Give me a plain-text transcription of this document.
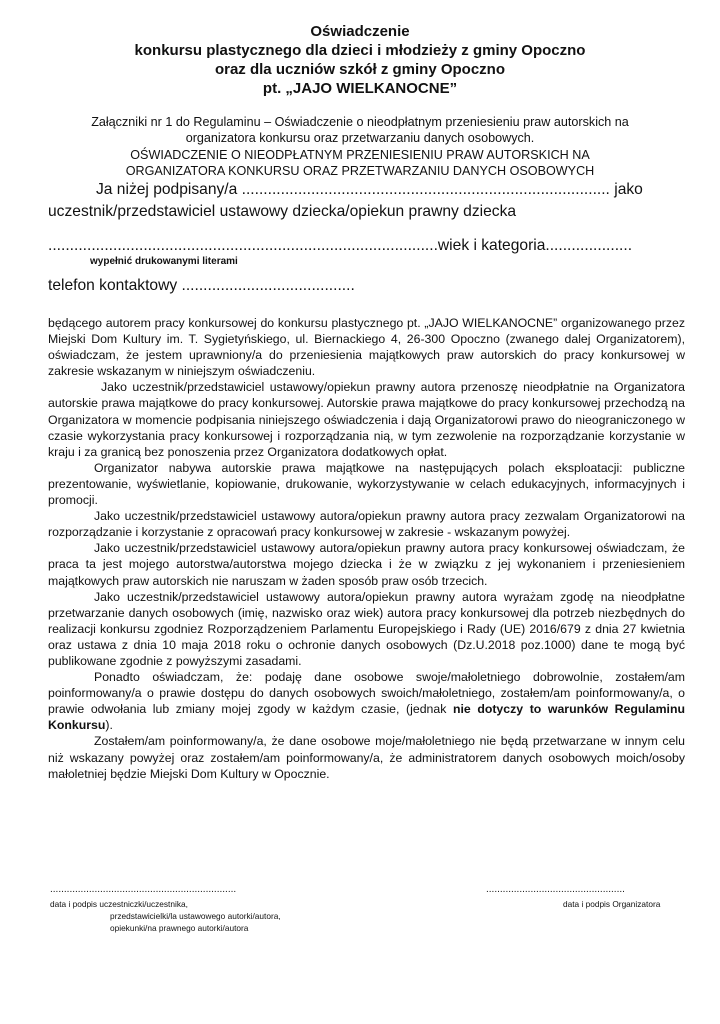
Oświadczenie
konkursu plastycznego dla dzieci i młodzieży z gminy Opoczno
oraz dla uczniów szkół z gminy Opoczno
pt. „JAJO WIELKANOCNE”
Załączniki nr 1 do Regulaminu – Oświadczenie o nieodpłatnym przeniesieniu praw autorskich na
organizatora konkursu oraz przetwarzaniu danych osobowych.
OŚWIADCZENIE O NIEODPŁATNYM PRZENIESIENIU PRAW AUTORSKICH NA
ORGANIZATORA KONKURSU ORAZ PRZETWARZANIU DANYCH OSOBOWYCH
Ja niżej podpisany/a ..................................................................................... jako
uczestnik/przedstawiciel ustawowy dziecka/opiekun prawny dziecka
..........................................................................................wiek i kategoria....................
wypełnić drukowanymi literami
telefon kontaktowy ........................................

będącego autorem pracy konkursowej do konkursu plastycznego pt. „JAJO WIELKANOCNE” organizowanego przez Miejski Dom Kultury im. T. Sygietyńskiego, ul. Biernackiego 4, 26-300 Opoczno (zwanego dalej Organizatorem), oświadczam, że jestem uprawniony/a do przeniesienia majątkowych praw autorskich do pracy konkursowej w zakresie wskazanym w niniejszym oświadczeniu.

Jako uczestnik/przedstawiciel ustawowy/opiekun prawny autora przenoszę nieodpłatnie na Organizatora autorskie prawa majątkowe do pracy konkursowej. Autorskie prawa majątkowe do pracy konkursowej przechodzą na Organizatora w momencie podpisania niniejszego oświadczenia i dają Organizatorowi prawo do nieograniczonego w czasie wykorzystania pracy konkursowej i rozporządzania nią, w tym zezwolenie na rozporządzanie korzystanie w kraju i za granicą bez ponoszenia przez Organizatora dodatkowych opłat.

Organizator nabywa autorskie prawa majątkowe na następujących polach eksploatacji: publiczne prezentowanie, wyświetlanie, kopiowanie, drukowanie, wykorzystywanie w celach edukacyjnych, informacyjnych i promocji.

Jako uczestnik/przedstawiciel ustawowy autora/opiekun prawny autora pracy zezwalam Organizatorowi na rozporządzanie i korzystanie z opracowań pracy konkursowej w zakresie - wskazanym powyżej.

Jako uczestnik/przedstawiciel ustawowy autora/opiekun prawny autora pracy konkursowej oświadczam, że praca ta jest mojego autorstwa/autorstwa mojego dziecka i że w związku z jej wykonaniem i przeniesieniem majątkowych praw autorskich nie naruszam w żaden sposób praw osób trzecich.

Jako uczestnik/przedstawiciel ustawowy autora/opiekun prawny autora wyrażam zgodę na nieodpłatne przetwarzanie danych osobowych (imię, nazwisko oraz wiek) autora pracy konkursowej dla potrzeb niezbędnych do realizacji konkursu zgodniez Rozporządzeniem Parlamentu Europejskiego i Rady (UE) 2016/679 z dnia 27 kwietnia oraz ustawa z dnia 10 maja 2018 roku o ochronie danych osobowych (Dz.U.2018 poz.1000) dane te mogą być publikowane zgodnie z powyższymi zasadami.

Ponadto oświadczam, że: podaję dane osobowe swoje/małoletniego dobrowolnie, zostałem/am poinformowany/a o prawie dostępu do danych osobowych swoich/małoletniego, zostałem/am poinformowany/a, o prawie odwołania lub zmiany mojej zgody w każdym czasie, (jednak nie dotyczy to warunków Regulaminu Konkursu).

Zostałem/am poinformowany/a, że dane osobowe moje/małoletniego nie będą przetwarzane w innym celu niż wskazany powyżej oraz zostałem/am poinformowany/a, że administratorem danych osobowych moich/osoby małoletniej będzie Miejski Dom Kultury w Opocznie.

...................................................................
data i podpis uczestniczki/uczestnika,
przedstawicielki/la ustawowego autorki/autora,
opiekunki/na prawnego autorki/autora
..................................................
data i podpis Organizatora
